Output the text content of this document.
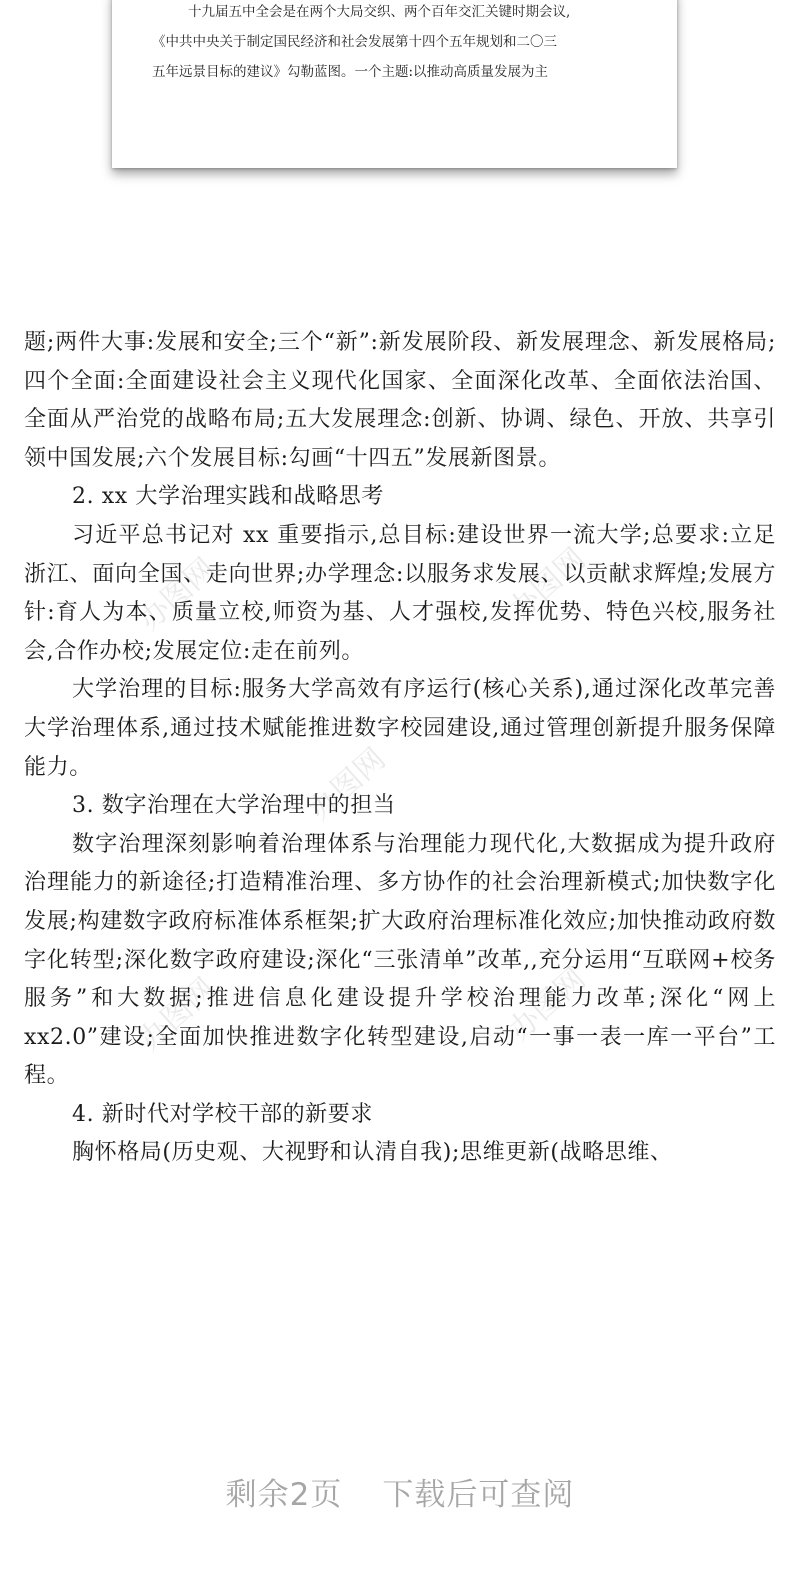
十九届五中全会是在两个大局交织、两个百年交汇关键时期会议,

《中共中央关于制定国民经济和社会发展第十四个五年规划和二〇三

五年远景目标的建议》勾勒蓝图。一个主题:以推动高质量发展为主

办图网	办图网
办图网
办图网	办图网

题;两件大事:发展和安全;三个“新”:新发展阶段、新发展理念、新发展格局;四个全面:全面建设社会主义现代化国家、全面深化改革、全面依法治国、全面从严治党的战略布局;五大发展理念:创新、协调、绿色、开放、共享引领中国发展;六个发展目标:勾画“十四五”发展新图景。

2. xx 大学治理实践和战略思考

习近平总书记对 xx 重要指示,总目标:建设世界一流大学;总要求:立足浙江、面向全国、走向世界;办学理念:以服务求发展、以贡献求辉煌;发展方针:育人为本、质量立校,师资为基、人才强校,发挥优势、特色兴校,服务社会,合作办校;发展定位:走在前列。

大学治理的目标:服务大学高效有序运行(核心关系),通过深化改革完善大学治理体系,通过技术赋能推进数字校园建设,通过管理创新提升服务保障能力。

3. 数字治理在大学治理中的担当

数字治理深刻影响着治理体系与治理能力现代化,大数据成为提升政府治理能力的新途径;打造精准治理、多方协作的社会治理新模式;加快数字化发展;构建数字政府标准体系框架;扩大政府治理标准化效应;加快推动政府数字化转型;深化数字政府建设;深化“三张清单”改革,,充分运用“互联网+校务服务”和大数据;推进信息化建设提升学校治理能力改革;深化“网上 xx2.0”建设;全面加快推进数字化转型建设,启动“一事一表一库一平台”工程。

4. 新时代对学校干部的新要求

胸怀格局(历史观、大视野和认清自我);思维更新(战略思维、

剩余2页 下载后可查阅
